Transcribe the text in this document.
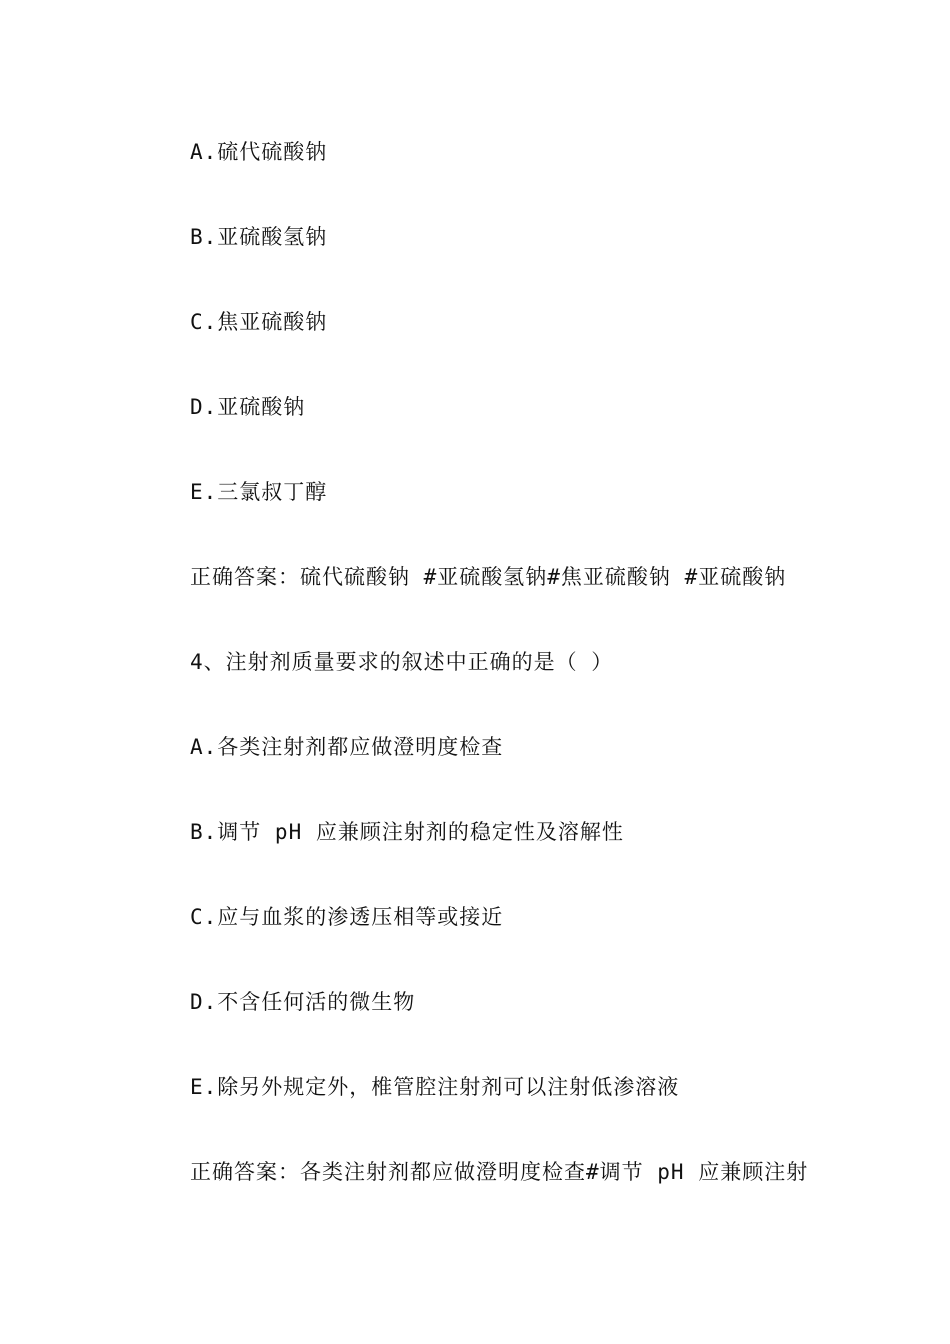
A.硫代硫酸钠
B.亚硫酸氢钠
C.焦亚硫酸钠
D.亚硫酸钠
E.三氯叔丁醇
正确答案：硫代硫酸钠 #亚硫酸氢钠#焦亚硫酸钠 #亚硫酸钠
4、注射剂质量要求的叙述中正确的是（ ）
A.各类注射剂都应做澄明度检查
B.调节 pH 应兼顾注射剂的稳定性及溶解性
C.应与血浆的渗透压相等或接近
D.不含任何活的微生物
E.除另外规定外，椎管腔注射剂可以注射低渗溶液
正确答案：各类注射剂都应做澄明度检查#调节 pH 应兼顾注射
